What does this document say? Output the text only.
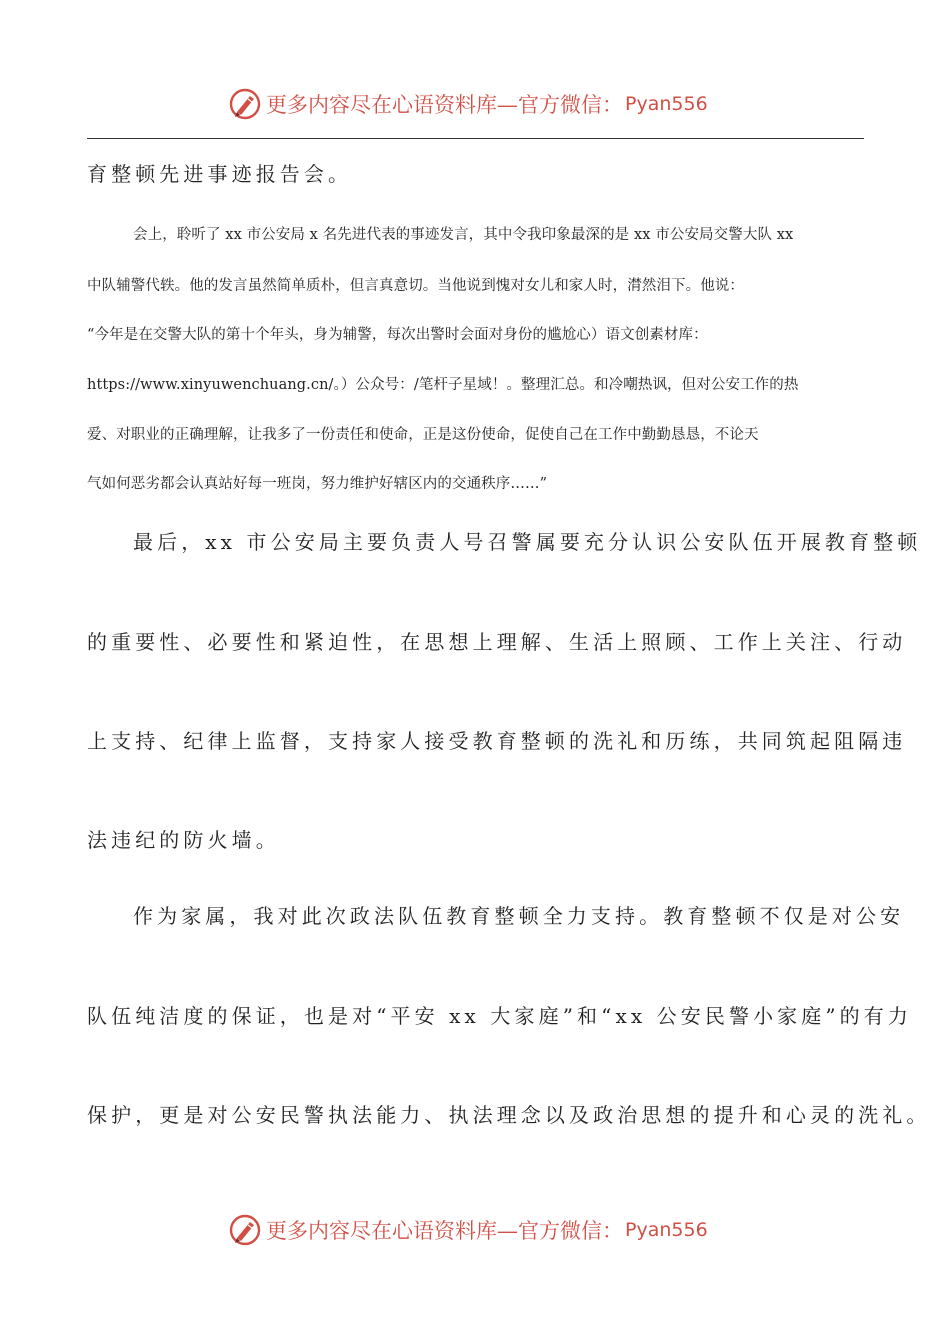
更多内容尽在心语资料库—官方微信： Pyan556
育整顿先进事迹报告会。
会上，聆听了 xx 市公安局 x 名先进代表的事迹发言，其中令我印象最深的是 xx 市公安局交警大队 xx
中队辅警代轶。他的发言虽然简单质朴，但言真意切。当他说到愧对女儿和家人时，潸然泪下。他说：
“今年是在交警大队的第十个年头，身为辅警，每次出警时会面对身份的尴尬心）语文创素材库：
https://www.xinyuwenchuang.cn/。）公众号：/笔杆子星域！。整理汇总。和冷嘲热讽，但对公安工作的热
爱、对职业的正确理解，让我多了一份责任和使命，正是这份使命，促使自己在工作中勤勤恳恳，不论天
气如何恶劣都会认真站好每一班岗，努力维护好辖区内的交通秩序……”
最后，xx 市公安局主要负责人号召警属要充分认识公安队伍开展教育整顿
的重要性、必要性和紧迫性，在思想上理解、生活上照顾、工作上关注、行动
上支持、纪律上监督，支持家人接受教育整顿的洗礼和历练，共同筑起阻隔违
法违纪的防火墙。
作为家属，我对此次政法队伍教育整顿全力支持。教育整顿不仅是对公安
队伍纯洁度的保证，也是对“平安 xx 大家庭”和“xx 公安民警小家庭”的有力
保护，更是对公安民警执法能力、执法理念以及政治思想的提升和心灵的洗礼。
更多内容尽在心语资料库—官方微信： Pyan556
